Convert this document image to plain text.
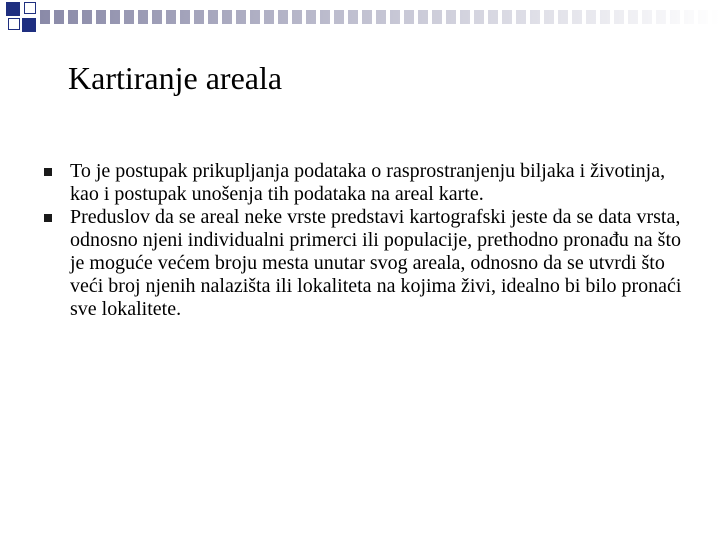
Kartiranje areala
To je postupak prikupljanja podataka o rasprostranjenju biljaka i životinja, kao i postupak unošenja tih podataka na areal karte.
Preduslov da se areal neke vrste predstavi kartografski jeste da se data vrsta, odnosno njeni individualni primerci ili populacije, prethodno pronađu na što je moguće većem broju mesta unutar svog areala, odnosno da se utvrdi što veći broj njenih nalazišta ili lokaliteta na kojima živi, idealno bi bilo pronaći sve lokalitete.
